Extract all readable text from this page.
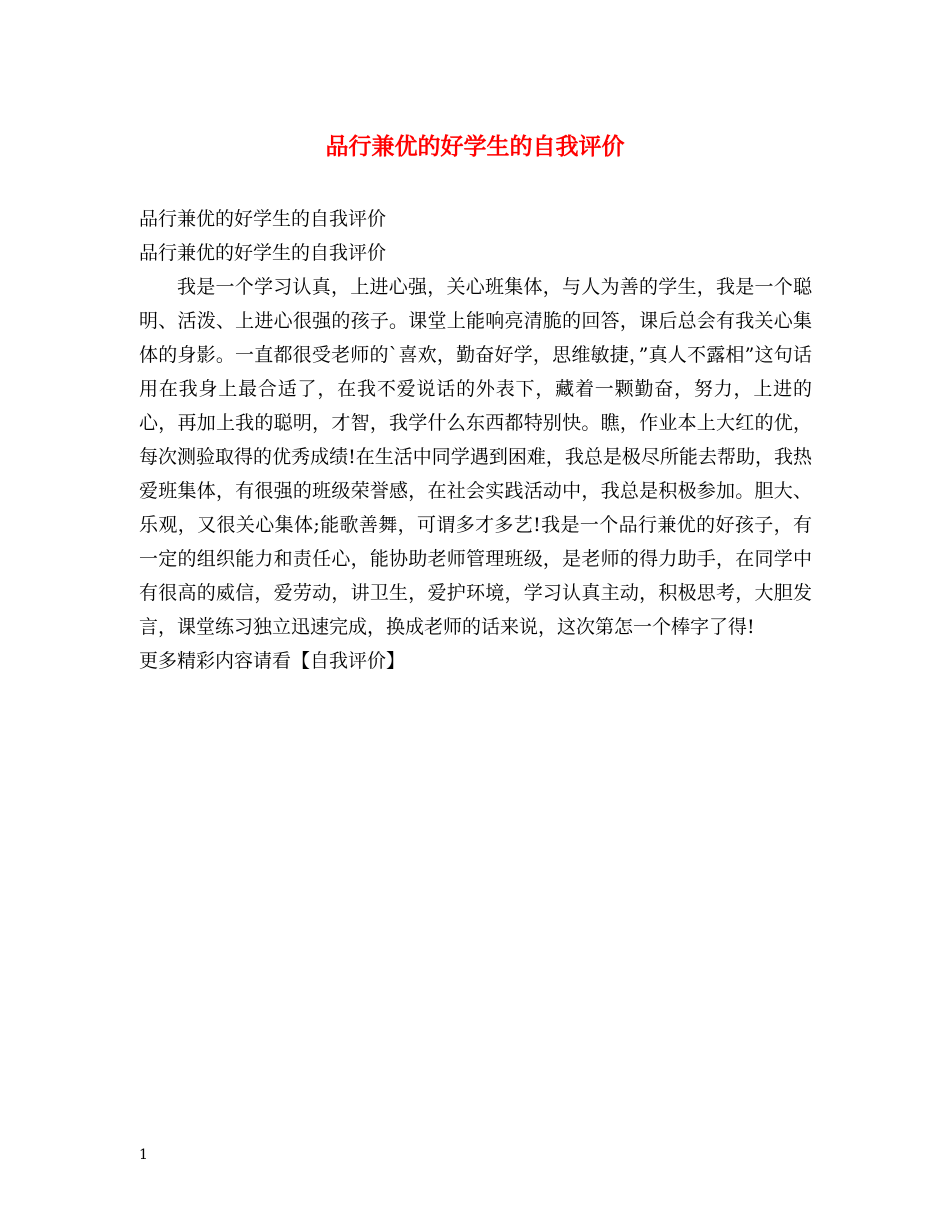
品行兼优的好学生的自我评价

品行兼优的好学生的自我评价

品行兼优的好学生的自我评价

我是一个学习认真，上进心强，关心班集体，与人为善的学生，我是一个聪明、活泼、上进心很强的孩子。课堂上能响亮清脆的回答，课后总会有我关心集体的身影。一直都很受老师的`喜欢，勤奋好学，思维敏捷，”真人不露相”这句话用在我身上最合适了，在我不爱说话的外表下，藏着一颗勤奋，努力，上进的心，再加上我的聪明，才智，我学什么东西都特别快。瞧，作业本上大红的优，每次测验取得的优秀成绩!在生活中同学遇到困难，我总是极尽所能去帮助，我热爱班集体，有很强的班级荣誉感，在社会实践活动中，我总是积极参加。胆大、乐观，又很关心集体;能歌善舞，可谓多才多艺!我是一个品行兼优的好孩子，有一定的组织能力和责任心，能协助老师管理班级，是老师的得力助手，在同学中有很高的威信，爱劳动，讲卫生，爱护环境，学习认真主动，积极思考，大胆发言，课堂练习独立迅速完成，换成老师的话来说，这次第怎一个棒字了得!

更多精彩内容请看【自我评价】

1
